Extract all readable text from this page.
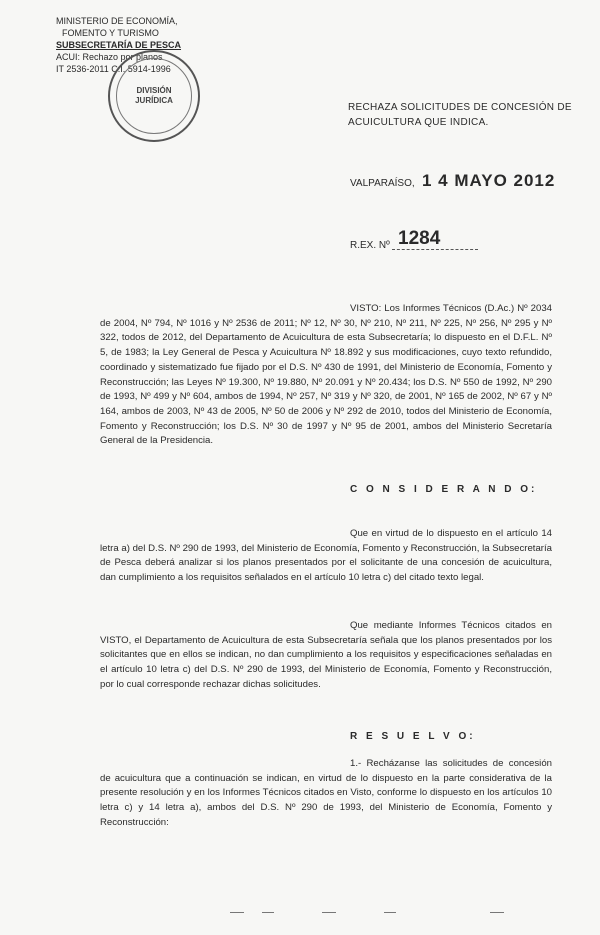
MINISTERIO DE ECONOMÍA,
FOMENTO Y TURISMO
SUBSECRETARÍA DE PESCA
ACUI: Rechazo por planos
IT 2536-2011 C.I. 5914-1996
DIVISIÓN
JURÍDICA
RECHAZA SOLICITUDES DE CONCESIÓN DE
ACUICULTURA QUE INDICA.
VALPARAÍSO, 1 4 MAYO 2012
R.EX. Nº 1284

VISTO: Los Informes Técnicos (D.Ac.) Nº 2034 de 2004, Nº 794, Nº 1016 y Nº 2536 de 2011; Nº 12, Nº 30, Nº 210, Nº 211, Nº 225, Nº 256, Nº 295 y Nº 322, todos de 2012, del Departamento de Acuicultura de esta Subsecretaría; lo dispuesto en el D.F.L. Nº 5, de 1983; la Ley General de Pesca y Acuicultura Nº 18.892 y sus modificaciones, cuyo texto refundido, coordinado y sistematizado fue fijado por el D.S. Nº 430 de 1991, del Ministerio de Economía, Fomento y Reconstrucción; las Leyes Nº 19.300, Nº 19.880, Nº 20.091 y Nº 20.434; los D.S. Nº 550 de 1992, Nº 290 de 1993, Nº 499 y Nº 604, ambos de 1994, Nº 257, Nº 319 y Nº 320, de 2001, Nº 165 de 2002, Nº 67 y Nº 164, ambos de 2003, Nº 43 de 2005, Nº 50 de 2006 y Nº 292 de 2010, todos del Ministerio de Economía, Fomento y Reconstrucción; los D.S. Nº 30 de 1997 y Nº 95 de 2001, ambos del Ministerio Secretaría General de la Presidencia.

C O N S I D E R A N D O:

Que en virtud de lo dispuesto en el artículo 14 letra a) del D.S. Nº 290 de 1993, del Ministerio de Economía, Fomento y Reconstrucción, la Subsecretaría de Pesca deberá analizar si los planos presentados por el solicitante de una concesión de acuicultura, dan cumplimiento a los requisitos señalados en el artículo 10 letra c) del citado texto legal.

Que mediante Informes Técnicos citados en VISTO, el Departamento de Acuicultura de esta Subsecretaría señala que los planos presentados por los solicitantes que en ellos se indican, no dan cumplimiento a los requisitos y especificaciones señaladas en el artículo 10 letra c) del D.S. Nº 290 de 1993, del Ministerio de Economía, Fomento y Reconstrucción, por lo cual corresponde rechazar dichas solicitudes.

R E S U E L V O:

1.- Recházanse las solicitudes de concesión de acuicultura que a continuación se indican, en virtud de lo dispuesto en la parte considerativa de la presente resolución y en los Informes Técnicos citados en Visto, conforme lo dispuesto en los artículos 10 letra c) y 14 letra a), ambos del D.S. Nº 290 de 1993, del Ministerio de Economía, Fomento y Reconstrucción:
